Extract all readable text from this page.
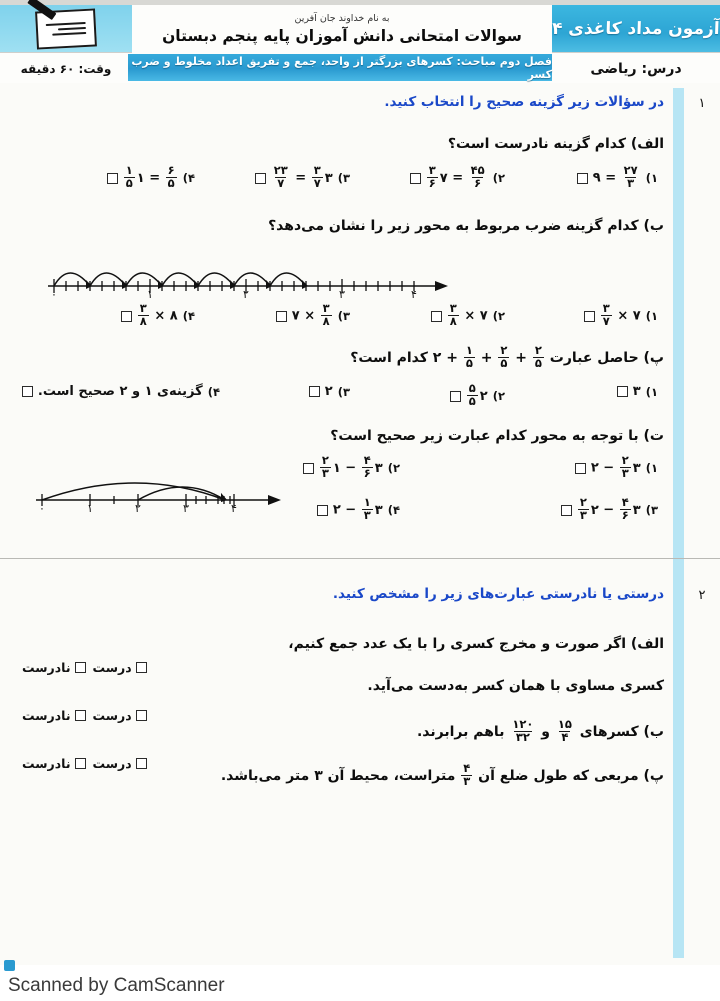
آزمون مداد کاغذی ۴
درس: ریاضی
به نام خداوند جان آفرین
سوالات امتحانی دانش آموزان پایه پنجم دبستان
فصل دوم مباحث: کسرهای بزرگتر از واحد، جمع و تفریق اعداد مخلوط و ضرب کسر
وقت: ۶۰ دقیقه
۱
در سؤالات زیر گزینه صحیح را انتخاب کنید.
الف) کدام گزینه نادرست است؟
۱)
$\frac{۲۷}{۳}$
= ۹
۲)
$\frac{۴۵}{۶}$
= ۷
$\frac{۳}{۶}$
۳)
۳
$\frac{۳}{۷}$
=
$\frac{۲۳}{۷}$
۴)
$\frac{۶}{۵}$
= ۱
$\frac{۱}{۵}$
ب) کدام گزینه ضرب مربوط به محور زیر را نشان می‌دهد؟
۰	۱	۲	۳	۴
۱)
۷ ×
$\frac{۳}{۷}$
۲)
۷ ×
$\frac{۳}{۸}$
۳)
$\frac{۳}{۸}$
× ۷
۴)
۸ ×
$\frac{۳}{۸}$
پ) حاصل عبارت
$\frac{۲}{۵}$
+
$\frac{۲}{۵}$
+
$\frac{۱}{۵}$
+ ۲ کدام است؟
۱)
۳
۲)
۲
$\frac{۵}{۵}$
۳)
۲
۴)
گزینه‌ی ۱ و ۲ صحیح است.
ت) با توجه به محور کدام عبارت زیر صحیح است؟
۰	۱	۲	۳	۴
۱)
۳
$\frac{۲}{۳}$
− ۲
۲)
۳
$\frac{۴}{۶}$
− ۱
$\frac{۲}{۳}$
۳)
۳
$\frac{۴}{۶}$
− ۲
$\frac{۲}{۳}$
۴)
۳
$\frac{۱}{۳}$
− ۲
۲
درستی یا نادرستی عبارت‌های زیر را مشخص کنید.
الف) اگر صورت و مخرج کسری را با یک عدد جمع کنیم،
کسری مساوی با همان کسر به‌دست می‌آید.
ب) کسرهای
$\frac{۱۵}{۴}$
و
$\frac{۱۲۰}{۳۲}$
باهم برابرند.
پ) مربعی که طول ضلع آن
$\frac{۴}{۳}$
متراست، محیط آن ۳ متر می‌باشد.
درست
نادرست
درست
نادرست
درست
نادرست
Scanned by CamScanner
